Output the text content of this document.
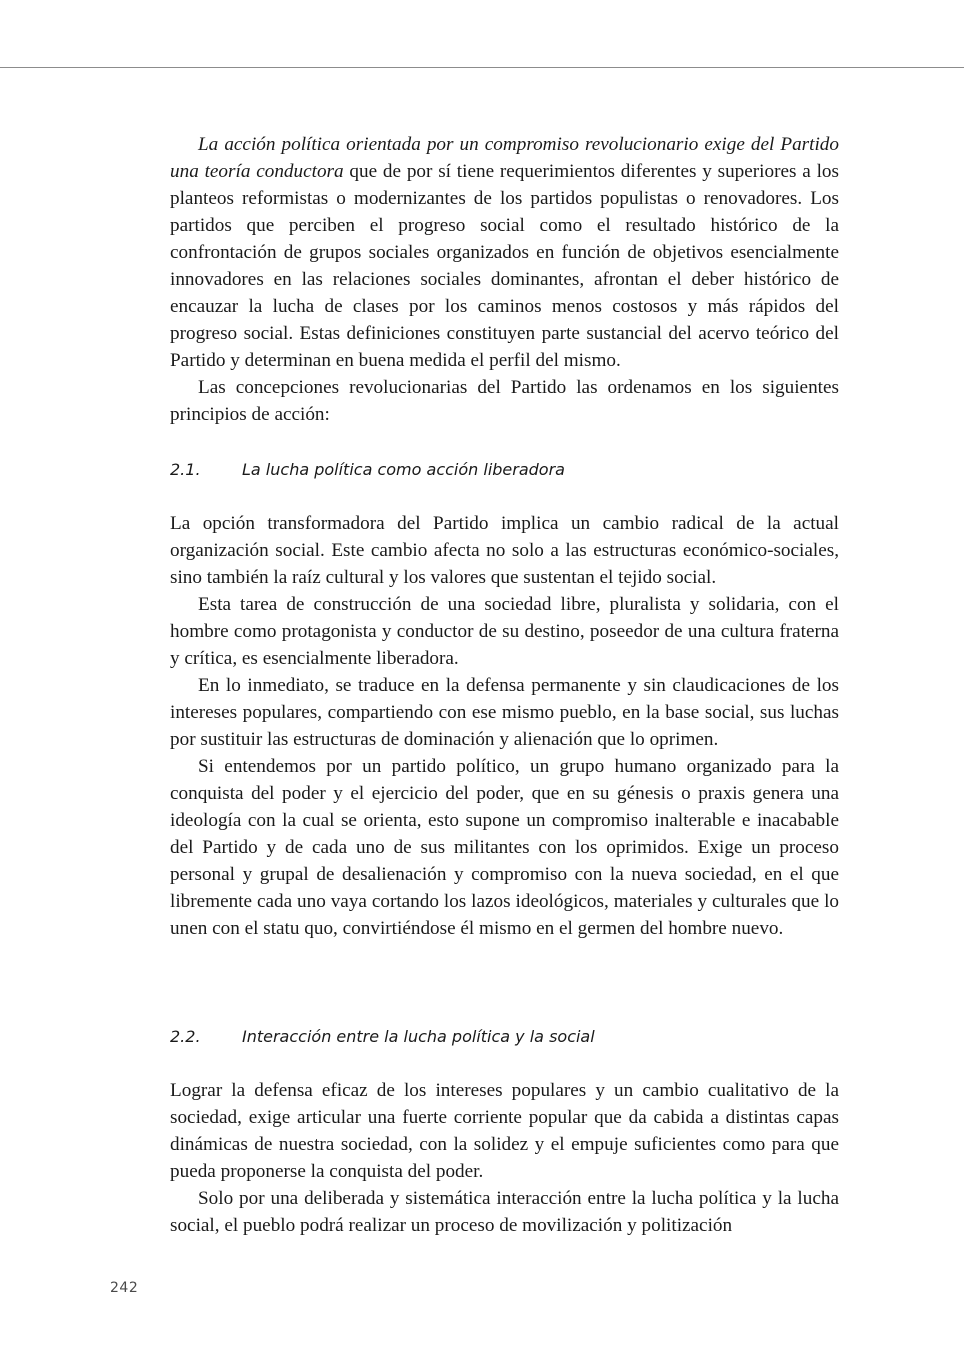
La acción política orientada por un compromiso revolucionario exige del Partido una teoría conductora que de por sí tiene requerimientos diferentes y superiores a los planteos reformistas o modernizantes de los partidos populistas o renovadores. Los partidos que perciben el progreso social como el resultado histórico de la confrontación de grupos sociales organizados en función de objetivos esencialmente innovadores en las relaciones sociales dominantes, afrontan el deber histórico de encauzar la lucha de clases por los caminos menos costosos y más rápidos del progreso social. Estas definiciones constituyen parte sustancial del acervo teórico del Partido y determinan en buena medida el perfil del mismo.

Las concepciones revolucionarias del Partido las ordenamos en los siguientes principios de acción:

2.1.	La lucha política como acción liberadora

La opción transformadora del Partido implica un cambio radical de la actual organización social. Este cambio afecta no solo a las estructuras económico-sociales, sino también la raíz cultural y los valores que sustentan el tejido social.

Esta tarea de construcción de una sociedad libre, pluralista y solidaria, con el hombre como protagonista y conductor de su destino, poseedor de una cultura fraterna y crítica, es esencialmente liberadora.

En lo inmediato, se traduce en la defensa permanente y sin claudicaciones de los intereses populares, compartiendo con ese mismo pueblo, en la base social, sus luchas por sustituir las estructuras de dominación y alienación que lo oprimen.

Si entendemos por un partido político, un grupo humano organizado para la conquista del poder y el ejercicio del poder, que en su génesis o praxis genera una ideología con la cual se orienta, esto supone un compromiso inalterable e inacabable del Partido y de cada uno de sus militantes con los oprimidos. Exige un proceso personal y grupal de desalienación y compromiso con la nueva sociedad, en el que libremente cada uno vaya cortando los lazos ideológicos, materiales y culturales que lo unen con el statu quo, convirtiéndose él mismo en el germen del hombre nuevo.

2.2.	Interacción entre la lucha política y la social

Lograr la defensa eficaz de los intereses populares y un cambio cualitativo de la sociedad, exige articular una fuerte corriente popular que da cabida a distintas capas dinámicas de nuestra sociedad, con la solidez y el empuje suficientes como para que pueda proponerse la conquista del poder.

Solo por una deliberada y sistemática interacción entre la lucha política y la lucha social, el pueblo podrá realizar un proceso de movilización y politización

242
